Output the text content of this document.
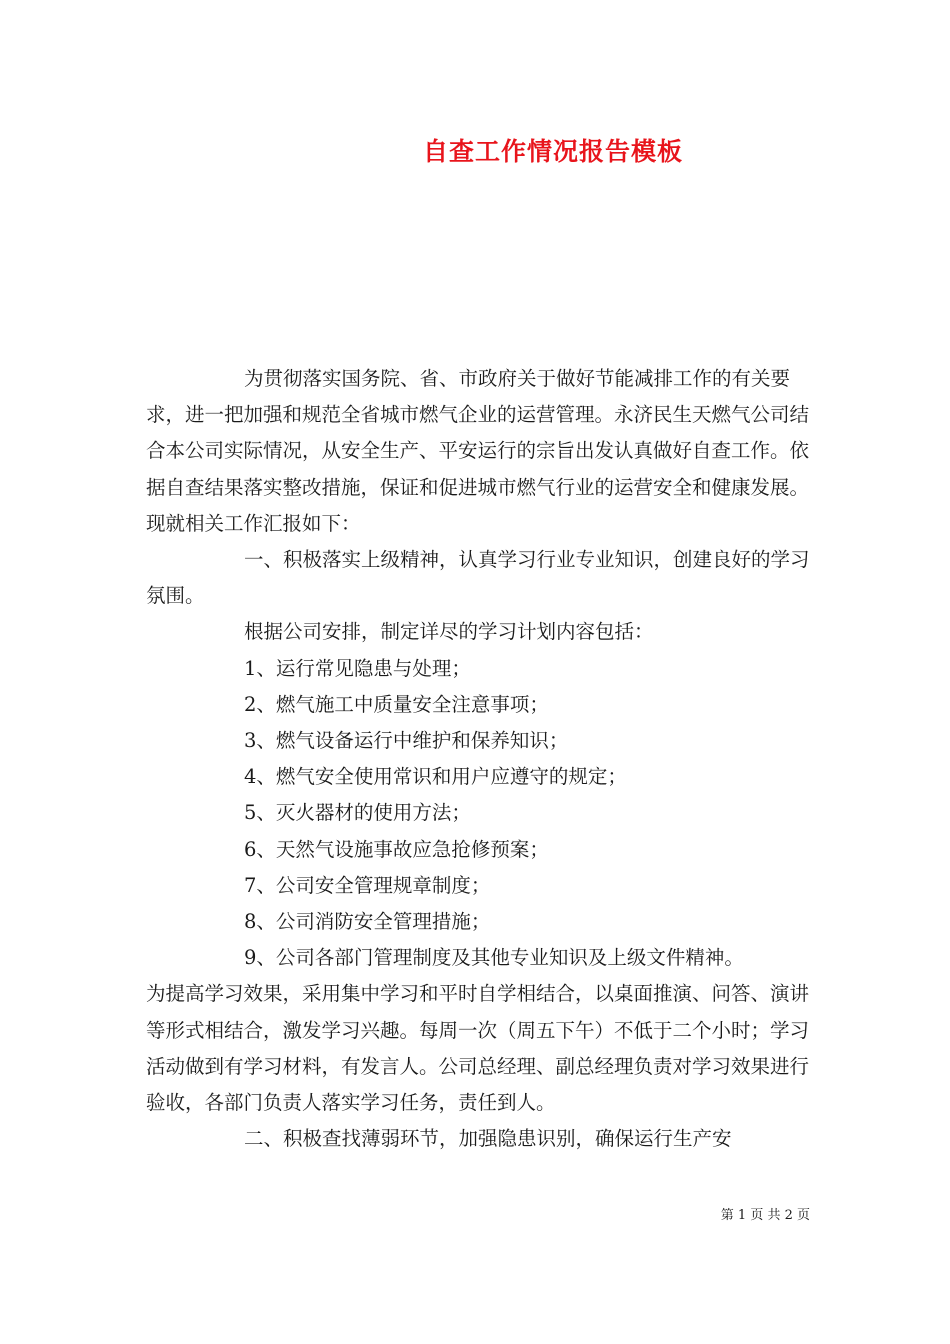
自查工作情况报告模板

为贯彻落实国务院、省、市政府关于做好节能减排工作的有关要求，进一把加强和规范全省城市燃气企业的运营管理。永济民生天燃气公司结合本公司实际情况，从安全生产、平安运行的宗旨出发认真做好自查工作。依据自查结果落实整改措施，保证和促进城市燃气行业的运营安全和健康发展。现就相关工作汇报如下：

一、积极落实上级精神，认真学习行业专业知识，创建良好的学习氛围。

根据公司安排，制定详尽的学习计划内容包括：

1、运行常见隐患与处理；

2、燃气施工中质量安全注意事项；

3、燃气设备运行中维护和保养知识；

4、燃气安全使用常识和用户应遵守的规定；

5、灭火器材的使用方法；

6、天然气设施事故应急抢修预案；

7、公司安全管理规章制度；

8、公司消防安全管理措施；

9、公司各部门管理制度及其他专业知识及上级文件精神。

为提高学习效果，采用集中学习和平时自学相结合，以桌面推演、问答、演讲等形式相结合，激发学习兴趣。每周一次（周五下午）不低于二个小时；学习活动做到有学习材料，有发言人。公司总经理、副总经理负责对学习效果进行验收，各部门负责人落实学习任务，责任到人。

二、积极查找薄弱环节，加强隐患识别，确保运行生产安

第 1 页 共 2 页
